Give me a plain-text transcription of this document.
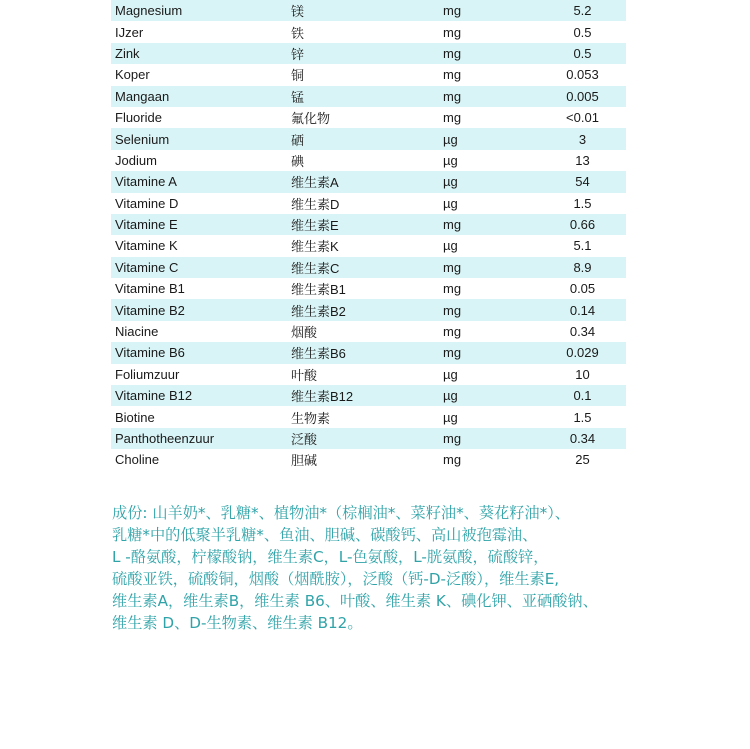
Magnesium	镁	mg	5.2
IJzer	铁	mg	0.5
Zink	锌	mg	0.5
Koper	铜	mg	0.053
Mangaan	锰	mg	0.005
Fluoride	氟化物	mg	<0.01
Selenium	硒	µg	3
Jodium	碘	µg	13
Vitamine A	维生素A	µg	54
Vitamine D	维生素D	µg	1.5
Vitamine E	维生素E	mg	0.66
Vitamine K	维生素K	µg	5.1
Vitamine C	维生素C	mg	8.9
Vitamine B1	维生素B1	mg	0.05
Vitamine B2	维生素B2	mg	0.14
Niacine	烟酸	mg	0.34
Vitamine B6	维生素B6	mg	0.029
Foliumzuur	叶酸	µg	10
Vitamine B12	维生素B12	µg	0.1
Biotine	生物素	µg	1.5
Panthotheenzuur	泛酸	mg	0.34
Choline	胆碱	mg	25

成份: 山羊奶*、乳糖*、植物油*（棕榈油*、菜籽油*、葵花籽油*）、

乳糖*中的低聚半乳糖*、鱼油、胆碱、碳酸钙、高山被孢霉油、

L -酪氨酸，柠檬酸钠，维生素C，L-色氨酸，L-胱氨酸，硫酸锌，

硫酸亚铁，硫酸铜，烟酸（烟酰胺），泛酸（钙-D-泛酸），维生素E,

维生素A，维生素B，维生素 B6、叶酸、维生素 K、碘化钾、亚硒酸钠、

维生素 D、D-生物素、维生素 B12。
